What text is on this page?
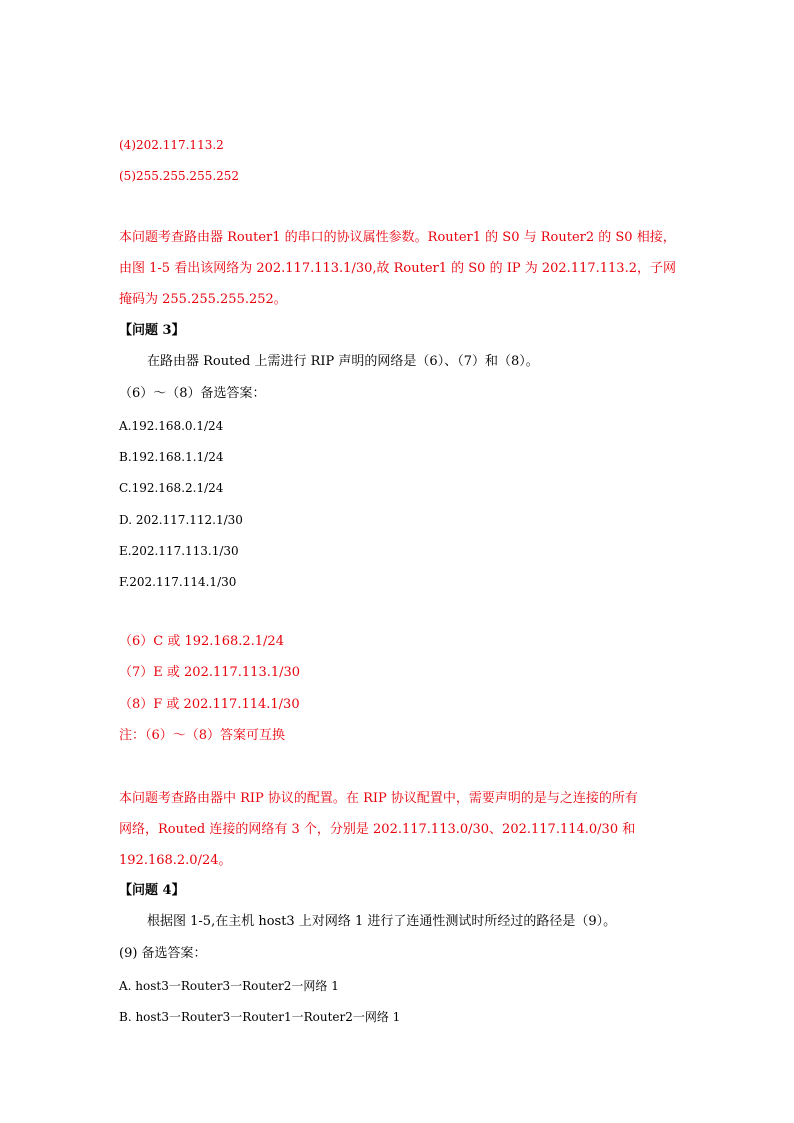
(4)202.117.113.2
(5)255.255.255.252
本问题考查路由器 Router1 的串口的协议属性参数。Router1 的 S0 与 Router2 的 S0 相接，
由图 1-5 看出该网络为 202.117.113.1/30,故 Router1 的 S0 的 IP 为 202.117.113.2，子网
掩码为 255.255.255.252。
【问题 3】
在路由器 Routed 上需进行 RIP 声明的网络是（6）、（7）和（8）。
（6）～（8）备选答案：
A.192.168.0.1/24
B.192.168.1.1/24
C.192.168.2.1/24
D. 202.117.112.1/30
E.202.117.113.1/30
F.202.117.114.1/30
（6）C 或 192.168.2.1/24
（7）E 或 202.117.113.1/30
（8）F 或 202.117.114.1/30
注：（6）～（8）答案可互换
本问题考查路由器中 RIP 协议的配置。在 RIP 协议配置中，需要声明的是与之连接的所有
网络，Routed 连接的网络有 3 个，分别是 202.117.113.0/30、202.117.114.0/30 和
192.168.2.0/24。
【问题 4】
根据图 1-5,在主机 host3 上对网络 1 进行了连通性测试时所经过的路径是（9）。
(9) 备选答案：
A. host3一Router3一Router2一网络 1
B. host3一Router3一Router1一Router2一网络 1
